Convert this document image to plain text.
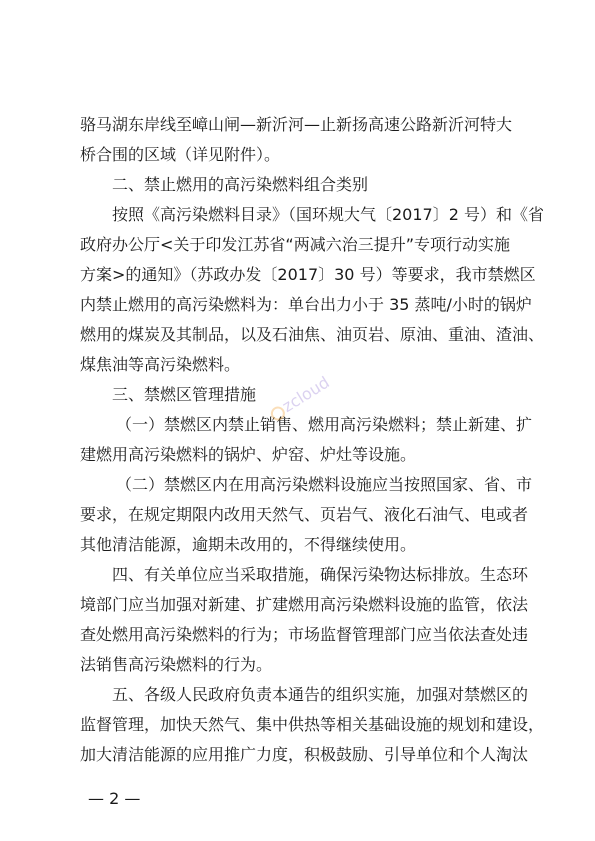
骆马湖东岸线至嶂山闸—新沂河—止新扬高速公路新沂河特大
桥合围的区域（详见附件）。
二、禁止燃用的高污染燃料组合类别
按照《高污染燃料目录》（国环规大气〔2017〕2 号）和《省
政府办公厅<关于印发江苏省“两减六治三提升”专项行动实施
方案>的通知》（苏政办发〔2017〕30 号）等要求，我市禁燃区
内禁止燃用的高污染燃料为：单台出力小于 35 蒸吨/小时的锅炉
燃用的煤炭及其制品，以及石油焦、油页岩、原油、重油、渣油、
煤焦油等高污染燃料。
三、禁燃区管理措施
（一）禁燃区内禁止销售、燃用高污染燃料；禁止新建、扩
建燃用高污染燃料的锅炉、炉窑、炉灶等设施。
（二）禁燃区内在用高污染燃料设施应当按照国家、省、市
要求，在规定期限内改用天然气、页岩气、液化石油气、电或者
其他清洁能源，逾期未改用的，不得继续使用。
四、有关单位应当采取措施，确保污染物达标排放。生态环
境部门应当加强对新建、扩建燃用高污染燃料设施的监管，依法
查处燃用高污染燃料的行为；市场监督管理部门应当依法查处违
法销售高污染燃料的行为。
五、各级人民政府负责本通告的组织实施，加强对禁燃区的
监督管理，加快天然气、集中供热等相关基础设施的规划和建设，
加大清洁能源的应用推广力度，积极鼓励、引导单位和个人淘汰
zcloud
— 2 —
